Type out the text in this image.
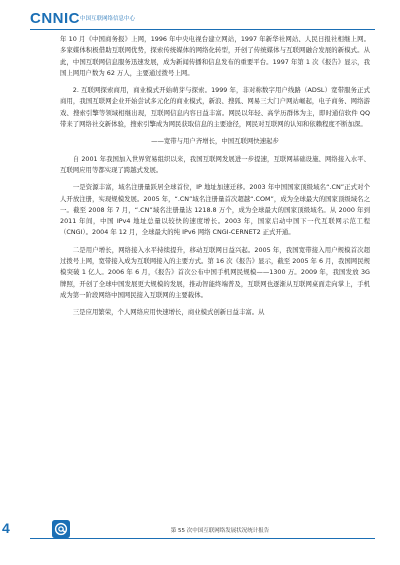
CNNIC 中国互联网络信息中心

年 10 月《中国商务报》上网，1996 年中央电视台建立网站，1997 年新华社网站、人民日报社相继上网。多家媒体积极借助互联网优势，探索传统媒体的网络化转型，开创了传统媒体与互联网融合发展的新模式。从此，中国互联网信息服务迅速发展，成为新闻传播和信息发布的重要平台。1997 年第 1 次《报告》显示，我国上网用户数为 62 万人，主要通过拨号上网。

2. 互联网探索商用，商业模式开始萌芽与探索。1999 年，非对称数字用户线路（ADSL）宽带服务正式商用，我国互联网企业开始尝试多元化的商业模式，新浪、搜狐、网易三大门户网站崛起，电子商务、网络游戏、搜索引擎等领域相继出现，互联网信息内容日益丰富。网民以年轻、高学历群体为主，即时通信软件 QQ 带来了网络社交新体验，搜索引擎成为网民获取信息的主要途径，网民对互联网的认知和依赖程度不断加深。

——宽带与用户齐增长，中国互联网快速起步

自 2001 年我国加入世界贸易组织以来，我国互联网发展进一步提速，互联网基础设施、网络接入水平、互联网应用等都实现了跨越式发展。

一是资源丰富，域名注册量跃居全球首位，IP 地址加速迁移。2003 年中国国家顶级域名“.CN”正式对个人开放注册，实现规模发展。2005 年，“.CN”域名注册量首次超越“.COM”，成为全球最大的国家顶级域名之一。截至 2008 年 7 月，“.CN”域名注册量达 1218.8 万个，成为全球最大的国家顶级域名。从 2000 年到 2011 年间，中国 IPv4 地址总量以较快的速度增长。2003 年，国家启动中国下一代互联网示范工程（CNGI）。2004 年 12 月，全球最大的纯 IPv6 网络 CNGI-CERNET2 正式开通。

二是用户增长，网络接入水平持续提升，移动互联网日益兴起。2005 年，我国宽带接入用户规模首次超过拨号上网，宽带接入成为互联网接入的主要方式。第 16 次《报告》显示，截至 2005 年 6 月，我国网民规模突破 1 亿人。2006 年 6 月，《报告》首次公布中国手机网民规模——1300 万。2009 年，我国发放 3G 牌照，开创了全球中国发展更大规模的发展，推动智能终端普及，互联网也逐渐从互联网桌面走向掌上，手机成为第一阶段网络中国网民接入互联网的主要载体。

三是应用繁荣，个人网络应用快速增长，商业模式创新日益丰富。从

4	第 55 次中国互联网络发展状况统计报告
